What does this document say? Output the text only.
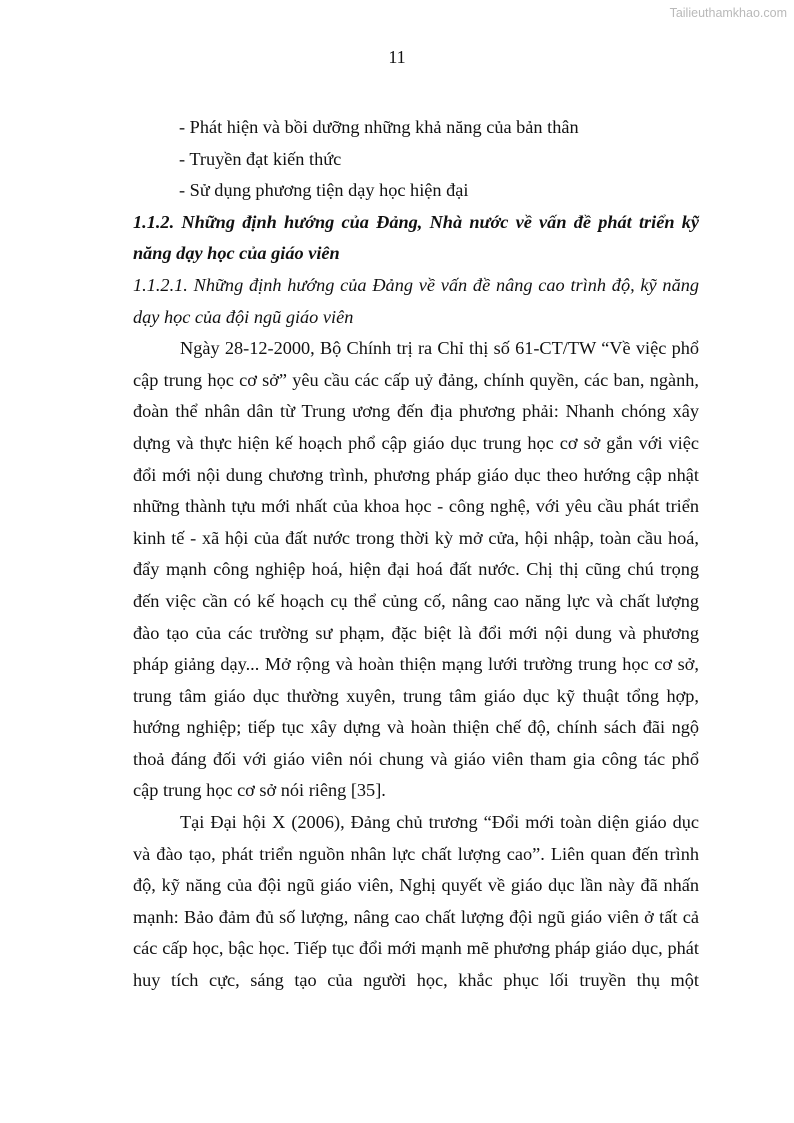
Tailieuthamkhao.com
11
- Phát hiện và bồi dưỡng những khả năng của bản thân
- Truyền đạt kiến thức
- Sử dụng phương tiện dạy học hiện đại
1.1.2. Những định hướng của Đảng, Nhà nước về vấn đề phát triển kỹ năng dạy học của giáo viên
1.1.2.1. Những định hướng của Đảng về vấn đề nâng cao trình độ, kỹ năng dạy học của đội ngũ giáo viên
Ngày 28-12-2000, Bộ Chính trị ra Chỉ thị số 61-CT/TW “Về việc phổ cập trung học cơ sở” yêu cầu các cấp uỷ đảng, chính quyền, các ban, ngành, đoàn thể nhân dân từ Trung ương đến địa phương phải: Nhanh chóng xây dựng và thực hiện kế hoạch phổ cập giáo dục trung học cơ sở gắn với việc đổi mới nội dung chương trình, phương pháp giáo dục theo hướng cập nhật những thành tựu mới nhất của khoa học - công nghệ, với yêu cầu phát triển kinh tế - xã hội của đất nước trong thời kỳ mở cửa, hội nhập, toàn cầu hoá, đẩy mạnh công nghiệp hoá, hiện đại hoá đất nước. Chị thị cũng chú trọng đến việc cần có kế hoạch cụ thể củng cố, nâng cao năng lực và chất lượng đào tạo của các trường sư phạm, đặc biệt là đổi mới nội dung và phương pháp giảng dạy... Mở rộng và hoàn thiện mạng lưới trường trung học cơ sở, trung tâm giáo dục thường xuyên, trung tâm giáo dục kỹ thuật tổng hợp, hướng nghiệp; tiếp tục xây dựng và hoàn thiện chế độ, chính sách đãi ngộ thoả đáng đối với giáo viên nói chung và giáo viên tham gia công tác phổ cập trung học cơ sở nói riêng [35].
Tại Đại hội X (2006), Đảng chủ trương “Đổi mới toàn diện giáo dục và đào tạo, phát triển nguồn nhân lực chất lượng cao”. Liên quan đến trình độ, kỹ năng của đội ngũ giáo viên, Nghị quyết về giáo dục lần này đã nhấn mạnh: Bảo đảm đủ số lượng, nâng cao chất lượng đội ngũ giáo viên ở tất cả các cấp học, bậc học. Tiếp tục đổi mới mạnh mẽ phương pháp giáo dục, phát huy tích cực, sáng tạo của người học, khắc phục lối truyền thụ một
